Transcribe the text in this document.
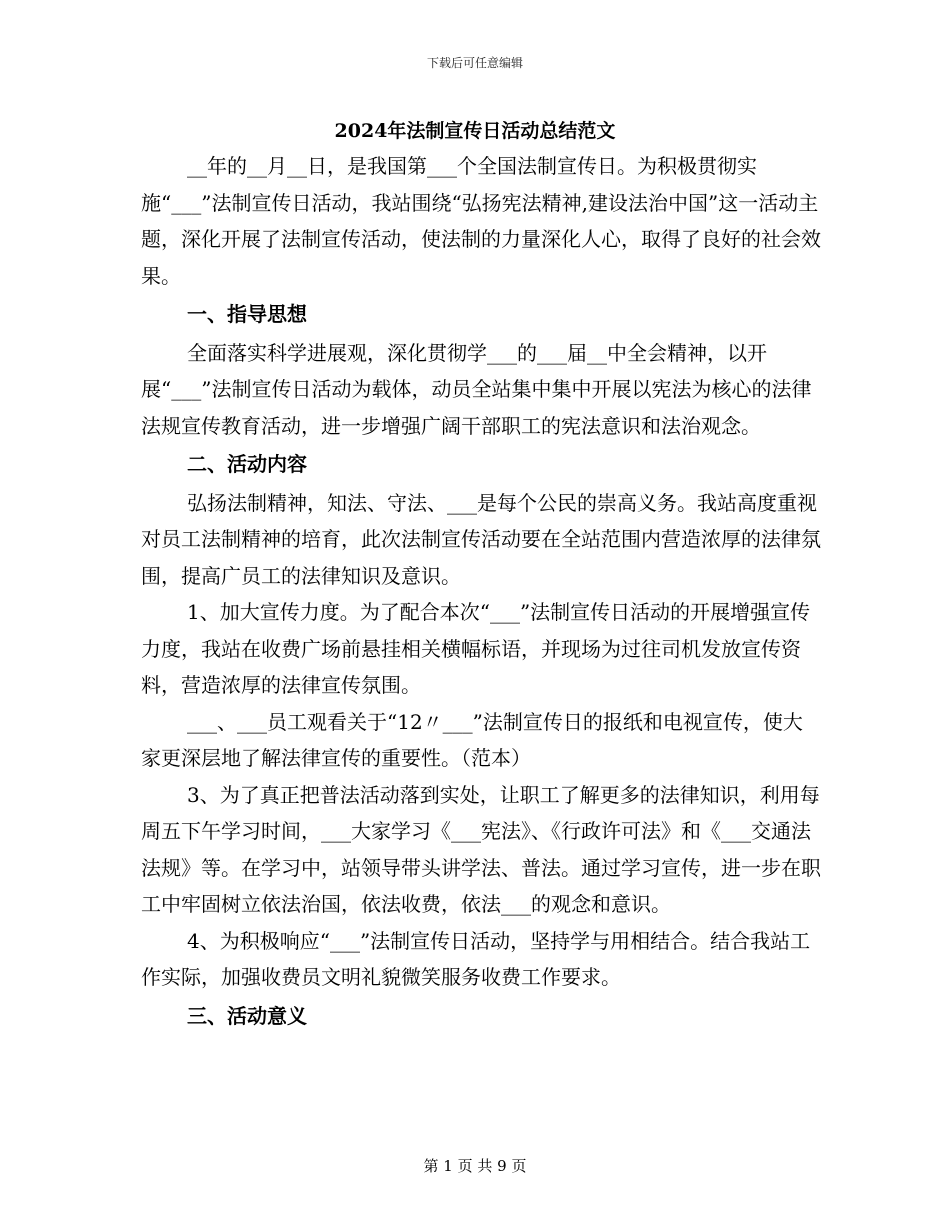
下载后可任意编辑
2024年法制宣传日活动总结范文

__年的__月__日，是我国第___个全国法制宣传日。为积极贯彻实施“___”法制宣传日活动，我站围绕“弘扬宪法精神,建设法治中国”这一活动主题，深化开展了法制宣传活动，使法制的力量深化人心，取得了良好的社会效果。

一、指导思想

全面落实科学进展观，深化贯彻学___的___届__中全会精神，以开展“___”法制宣传日活动为载体，动员全站集中集中开展以宪法为核心的法律法规宣传教育活动，进一步增强广阔干部职工的宪法意识和法治观念。

二、活动内容

弘扬法制精神，知法、守法、___是每个公民的崇高义务。我站高度重视对员工法制精神的培育，此次法制宣传活动要在全站范围内营造浓厚的法律氛围，提高广员工的法律知识及意识。

1、加大宣传力度。为了配合本次“___”法制宣传日活动的开展增强宣传力度，我站在收费广场前悬挂相关横幅标语，并现场为过往司机发放宣传资料，营造浓厚的法律宣传氛围。

___、___员工观看关于“12〃___”法制宣传日的报纸和电视宣传，使大家更深层地了解法律宣传的重要性。（范本）

3、为了真正把普法活动落到实处，让职工了解更多的法律知识，利用每周五下午学习时间，___大家学习《___宪法》、《行政许可法》和《___交通法法规》等。在学习中，站领导带头讲学法、普法。通过学习宣传，进一步在职工中牢固树立依法治国，依法收费，依法___的观念和意识。

4、为积极响应“___”法制宣传日活动，坚持学与用相结合。结合我站工作实际，加强收费员文明礼貌微笑服务收费工作要求。

三、活动意义

第 1 页 共 9 页
